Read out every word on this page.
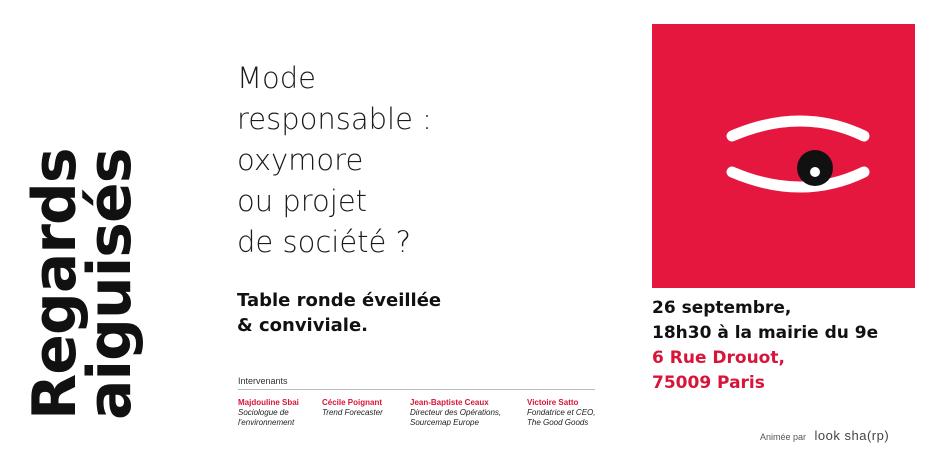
Regards
aiguisés
Mode
responsable :
oxymore
ou projet
de société ?
Table ronde éveillée
& conviviale.
Intervenants
Majdouline Sbai
Sociologue de
l'environnement
Cécile Poignant
Trend Forecaster
Jean-Baptiste Ceaux
Directeur des Opérations,
Sourcemap Europe
Victoire Satto
Fondatrice et CEO,
The Good Goods
26 septembre,
18h30 à la mairie du 9e
6 Rue Drouot,
75009 Paris
Animée par look sha(rp)
